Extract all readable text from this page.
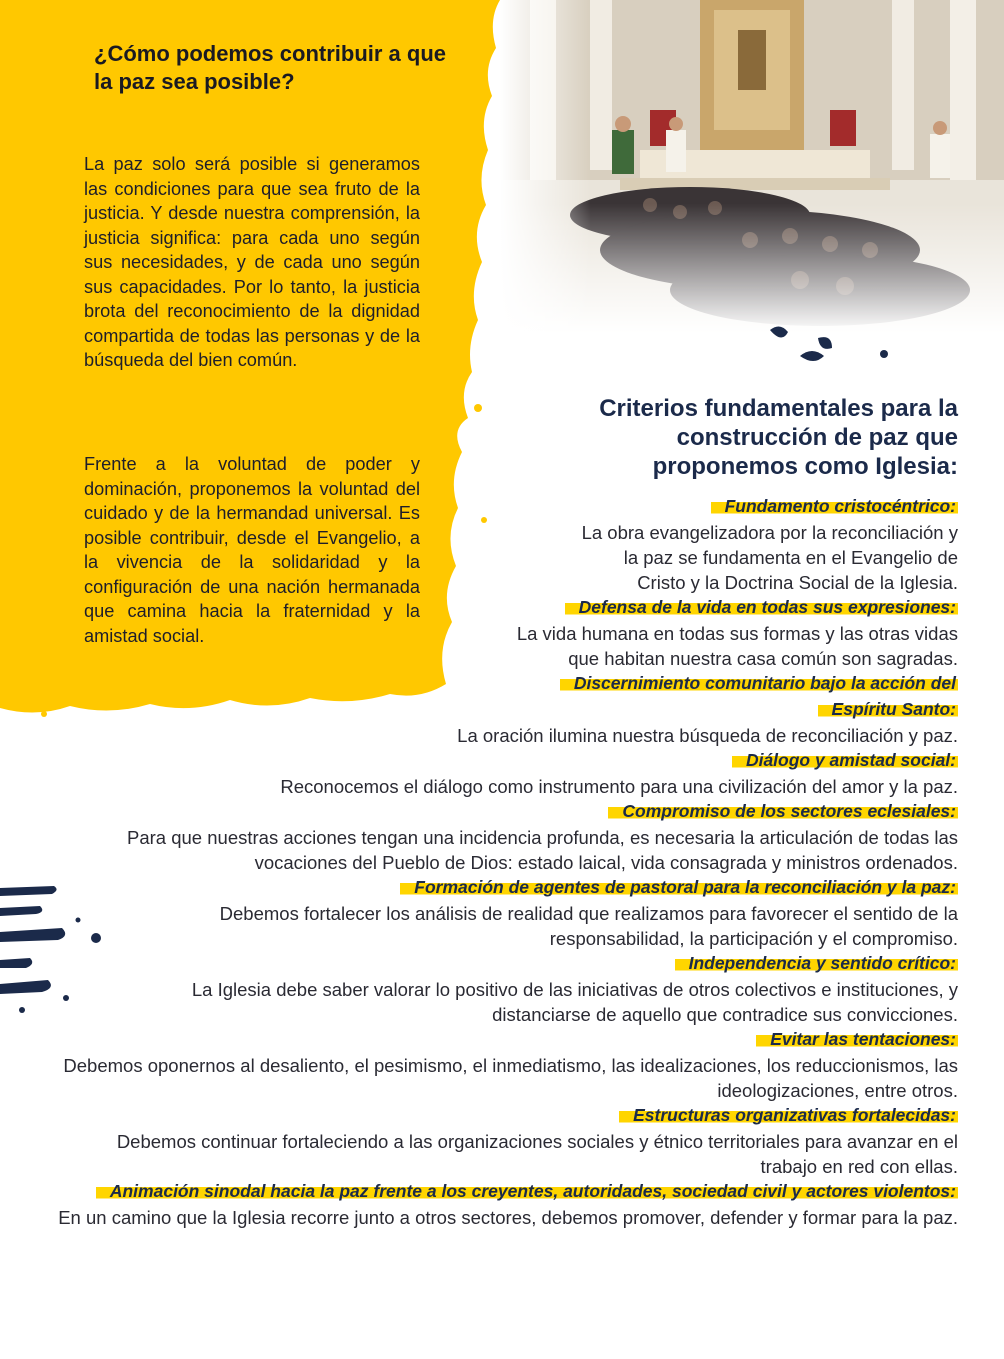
¿Cómo podemos contribuir a que la paz sea posible?

La paz solo será posible si generamos las condiciones para que sea fruto de la justicia. Y desde nuestra comprensión, la justicia significa: para cada uno según sus necesidades, y de cada uno según sus capacidades. Por lo tanto, la justicia brota del reconocimiento de la dignidad compartida de todas las personas y de la búsqueda del bien común.

Frente a la voluntad de poder y dominación, proponemos la voluntad del cuidado y de la hermandad universal. Es posible contribuir, desde el Evangelio, a la vivencia de la solidaridad y la configuración de una nación hermanada que camina hacia la fraternidad y la amistad social.

Criterios fundamentales para la construcción de paz que proponemos como Iglesia:

Fundamento cristocéntrico:

La obra evangelizadora por la reconciliación y la paz se fundamenta en el Evangelio de Cristo y la Doctrina Social de la Iglesia.

Defensa de la vida en todas sus expresiones:

La vida humana en todas sus formas y las otras vidas que habitan nuestra casa común son sagradas.

Discernimiento comunitario bajo la acción del Espíritu Santo:

La oración ilumina nuestra búsqueda de reconciliación y paz.

Diálogo y amistad social:

Reconocemos el diálogo como instrumento para una civilización del amor y la paz.

Compromiso de los sectores eclesiales:

Para que nuestras acciones tengan una incidencia profunda, es necesaria la articulación de todas las vocaciones del Pueblo de Dios: estado laical, vida consagrada y ministros ordenados.

Formación de agentes de pastoral para la reconciliación y la paz:

Debemos fortalecer los análisis de realidad que realizamos para favorecer el sentido de la responsabilidad, la participación y el compromiso.

Independencia y sentido crítico:

La Iglesia debe saber valorar lo positivo de las iniciativas de otros colectivos e instituciones, y distanciarse de aquello que contradice sus convicciones.

Evitar las tentaciones:

Debemos oponernos al desaliento, el pesimismo, el inmediatismo, las idealizaciones, los reduccionismos, las ideologizaciones, entre otros.

Estructuras organizativas fortalecidas:

Debemos continuar fortaleciendo a las organizaciones sociales y étnico territoriales para avanzar en el trabajo en red con ellas.

Animación sinodal hacia la paz frente a los creyentes, autoridades, sociedad civil y actores violentos:

En un camino que la Iglesia recorre junto a otros sectores, debemos promover, defender y formar para la paz.
